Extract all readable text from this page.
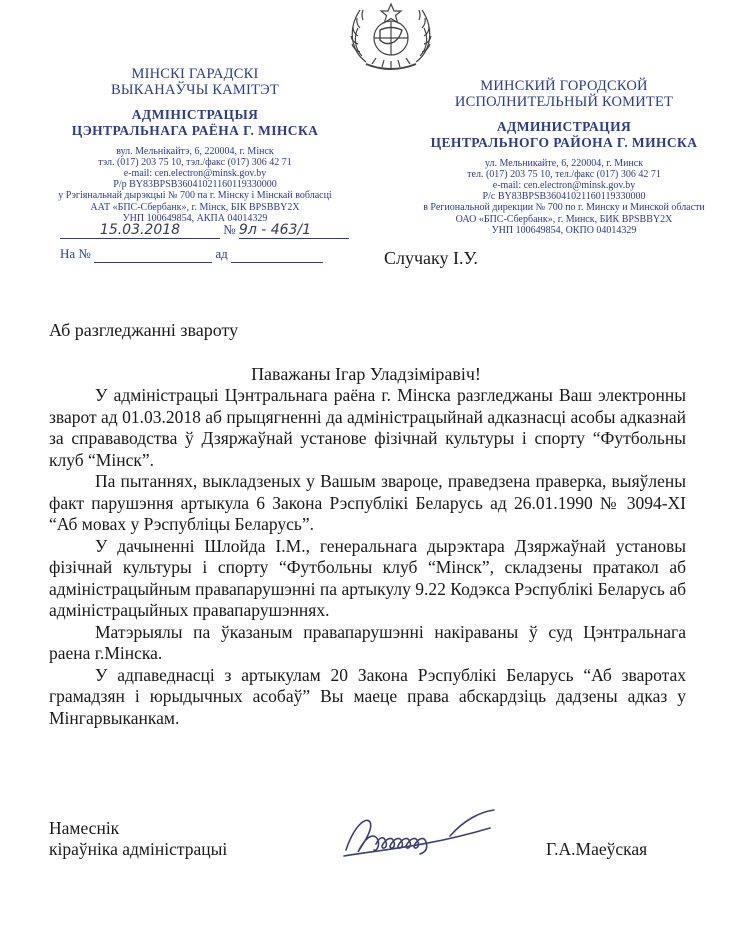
МІНСКІ ГАРАДСКІ
ВЫКАНАЎЧЫ КАМІТЭТ
АДМІНІСТРАЦЫЯ
ЦЭНТРАЛЬНАГА РАЁНА Г. МІНСКА
вул. Мельнікайтэ, 6, 220004, г. Мінск
тэл. (017) 203 75 10, тэл./факс (017) 306 42 71
e-mail: cen.electron@minsk.gov.by
Р/р BY83BPSB36041021160119330000
у Рэгіянальнай дырэкцыі № 700 па г. Мінску і Мінскай вобласці
ААТ «БПС-Сбербанк», г. Мінск, БІК BPSBBY2X
УНП 100649854, АКПА 04014329
МИНСКИЙ ГОРОДСКОЙ
ИСПОЛНИТЕЛЬНЫЙ КОМИТЕТ
АДМИНИСТРАЦИЯ
ЦЕНТРАЛЬНОГО РАЙОНА Г. МИНСКА
ул. Мельникайте, 6, 220004, г. Минск
тел. (017) 203 75 10, тел./факс (017) 306 42 71
e-mail: cen.electron@minsk.gov.by
Р/с BY83BPSB36041021160119330000
в Региональной дирекции № 700 по г. Минску и Минской области
ОАО «БПС-Сбербанк», г. Минск, БИК BPSBBY2X
УНП 100649854, ОКПО 04014329
15.03.2018	№ 9л - 463/1
На №	ад	Случаку І.У.
Аб разгледжанні звароту
Паважаны Ігар Уладзіміравіч!

У адміністрацыі Цэнтральнага раёна г. Мінска разгледжаны Ваш электронны зварот ад 01.03.2018 аб прыцягненні да адміністрацыйнай адказнасці асобы адказнай за справаводства ў Дзяржаўнай установе фізічнай культуры і спорту “Футбольны клуб “Мінск”.

Па пытаннях, выкладзеных у Вашым звароце, праведзена праверка, выяўлены факт парушэння артыкула 6 Закона Рэспублікі Беларусь ад 26.01.1990 № 3094-XI “Аб мовах у Рэспубліцы Беларусь”.

У дачыненні Шлойда І.М., генеральнага дырэктара Дзяржаўнай установы фізічнай культуры і спорту “Футбольны клуб “Мінск”, складзены пратакол аб адміністрацыйным правапарушэнні па артыкулу 9.22 Кодэкса Рэспублікі Беларусь аб адміністрацыйных правапарушэннях.

Матэрыялы па ўказаным правапарушэнні накіраваны ў суд Цэнтральнага раена г.Мінска.

У адпаведнасці з артыкулам 20 Закона Рэспублікі Беларусь “Аб зваротах грамадзян і юрыдычных асобаў” Вы маеце права абскардзіць дадзены адказ у Мінгарвыканкам.

Намеснік
кіраўніка адміністрацыі	Г.А.Маеўская
